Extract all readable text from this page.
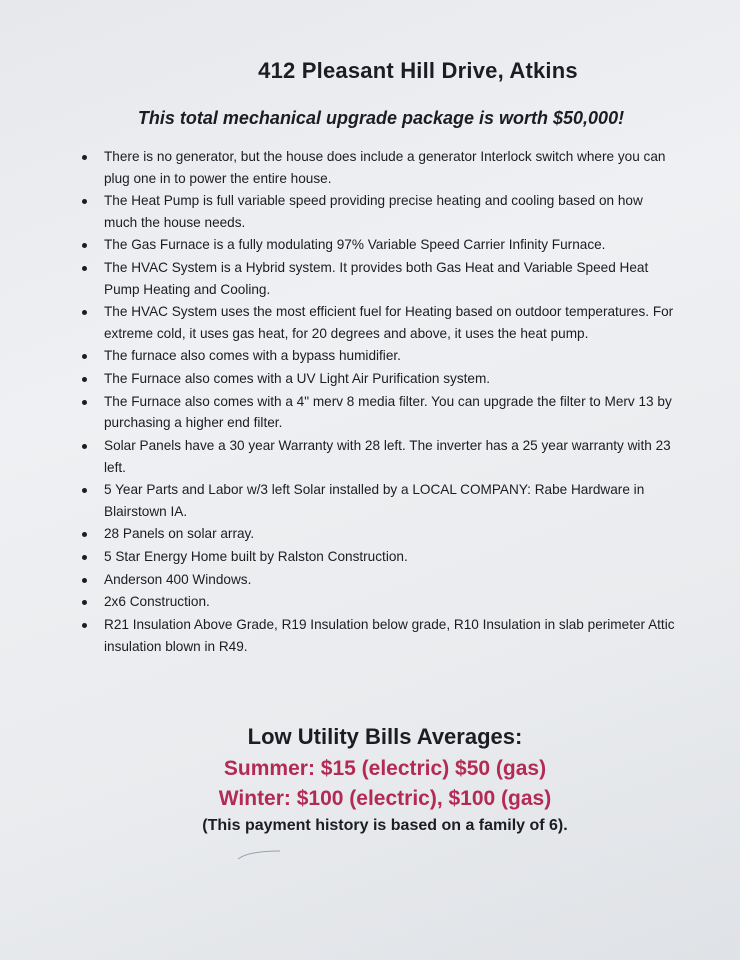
412 Pleasant Hill Drive, Atkins
This total mechanical upgrade package is worth $50,000!
There is no generator, but the house does include a generator Interlock switch where you can plug one in to power the entire house.
The Heat Pump is full variable speed providing precise heating and cooling based on how much the house needs.
The Gas Furnace is a fully modulating 97% Variable Speed Carrier Infinity Furnace.
The HVAC System is a Hybrid system. It provides both Gas Heat and Variable Speed Heat Pump Heating and Cooling.
The HVAC System uses the most efficient fuel for Heating based on outdoor temperatures. For extreme cold, it uses gas heat, for 20 degrees and above, it uses the heat pump.
The furnace also comes with a bypass humidifier.
The Furnace also comes with a UV Light Air Purification system.
The Furnace also comes with a 4" merv 8 media filter. You can upgrade the filter to Merv 13 by purchasing a higher end filter.
Solar Panels have a 30 year Warranty with 28 left. The inverter has a 25 year warranty with 23 left.
5 Year Parts and Labor w/3 left Solar installed by a LOCAL COMPANY: Rabe Hardware in Blairstown IA.
28 Panels on solar array.
5 Star Energy Home built by Ralston Construction.
Anderson 400 Windows.
2x6 Construction.
R21 Insulation Above Grade, R19 Insulation below grade, R10 Insulation in slab perimeter Attic insulation blown in R49.
Low Utility Bills Averages:
Summer: $15 (electric) $50 (gas)
Winter: $100 (electric), $100 (gas)
(This payment history is based on a family of 6).
